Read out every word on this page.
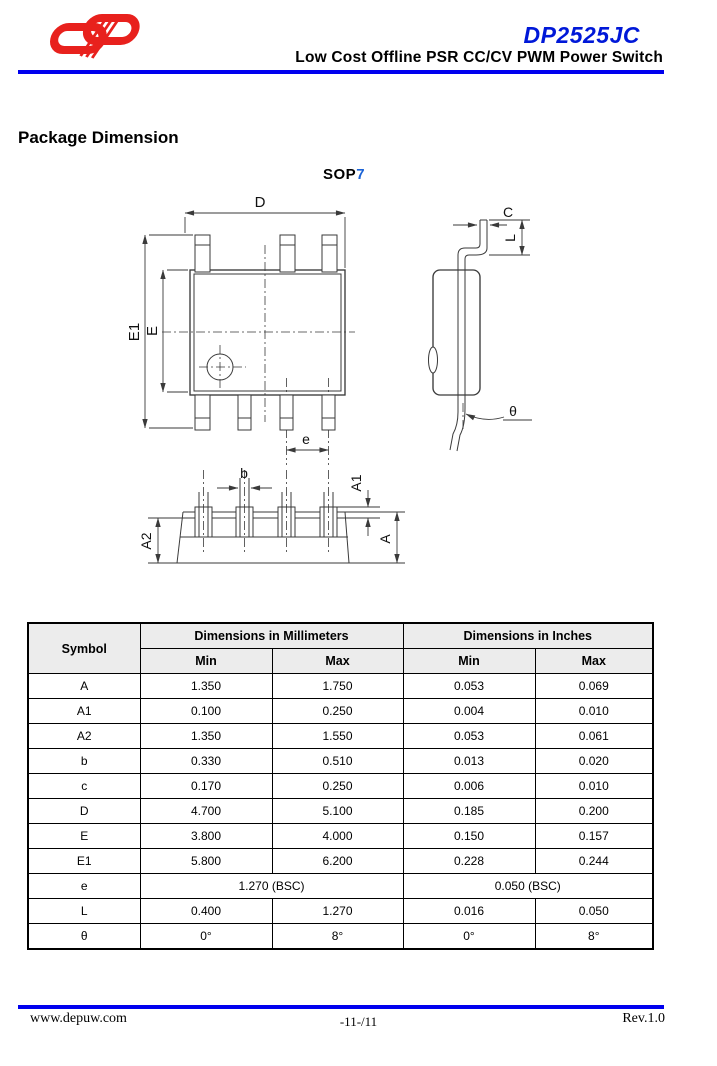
DP2525JC
Low Cost Offline PSR CC/CV PWM Power Switch
Package Dimension
SOP7
D
E1 E
e
C
L
θ
b
A1
A2	A
Symbol	Dimensions in Millimeters		Dimensions in Inches	
	Min	Max	Min	Max
A	1.350	1.750	0.053	0.069
A1	0.100	0.250	0.004	0.010
A2	1.350	1.550	0.053	0.061
b	0.330	0.510	0.013	0.020
c	0.170	0.250	0.006	0.010
D	4.700	5.100	0.185	0.200
E	3.800	4.000	0.150	0.157
E1	5.800	6.200	0.228	0.244
e	1.270 (BSC)		0.050 (BSC)	
L	0.400	1.270	0.016	0.050
θ	0°	8°	0°	8°
www.depuw.com	-11-/11	Rev.1.0
